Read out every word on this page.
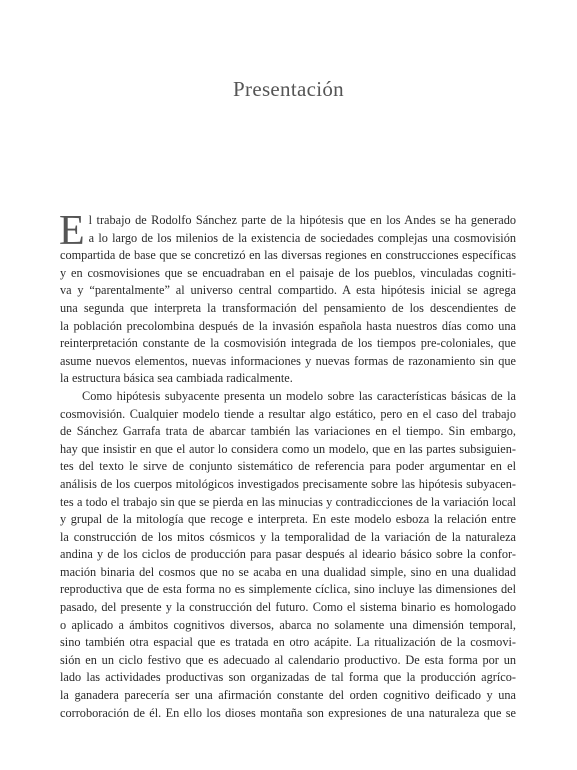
Presentación
E l trabajo de Rodolfo Sánchez parte de la hipótesis que en los Andes se ha generado
a lo largo de los milenios de la existencia de sociedades complejas una cosmovisión
compartida de base que se concretizó en las diversas regiones en construcciones específicas
y en cosmovisiones que se encuadraban en el paisaje de los pueblos, vinculadas cogniti-
va y “parentalmente” al universo central compartido. A esta hipótesis inicial se agrega
una segunda que interpreta la transformación del pensamiento de los descendientes de
la población precolombina después de la invasión española hasta nuestros días como una
reinterpretación constante de la cosmovisión integrada de los tiempos pre-coloniales, que
asume nuevos elementos, nuevas informaciones y nuevas formas de razonamiento sin que
la estructura básica sea cambiada radicalmente.
Como hipótesis subyacente presenta un modelo sobre las características básicas de la
cosmovisión. Cualquier modelo tiende a resultar algo estático, pero en el caso del trabajo
de Sánchez Garrafa trata de abarcar también las variaciones en el tiempo. Sin embargo,
hay que insistir en que el autor lo considera como un modelo, que en las partes subsiguien-
tes del texto le sirve de conjunto sistemático de referencia para poder argumentar en el
análisis de los cuerpos mitológicos investigados precisamente sobre las hipótesis subyacen-
tes a todo el trabajo sin que se pierda en las minucias y contradicciones de la variación local
y grupal de la mitología que recoge e interpreta. En este modelo esboza la relación entre
la construcción de los mitos cósmicos y la temporalidad de la variación de la naturaleza
andina y de los ciclos de producción para pasar después al ideario básico sobre la confor-
mación binaria del cosmos que no se acaba en una dualidad simple, sino en una dualidad
reproductiva que de esta forma no es simplemente cíclica, sino incluye las dimensiones del
pasado, del presente y la construcción del futuro. Como el sistema binario es homologado
o aplicado a ámbitos cognitivos diversos, abarca no solamente una dimensión temporal,
sino también otra espacial que es tratada en otro acápite. La ritualización de la cosmovi-
sión en un ciclo festivo que es adecuado al calendario productivo. De esta forma por un
lado las actividades productivas son organizadas de tal forma que la producción agríco-
la ganadera parecería ser una afirmación constante del orden cognitivo deificado y una
corroboración de él. En ello los dioses montaña son expresiones de una naturaleza que se
